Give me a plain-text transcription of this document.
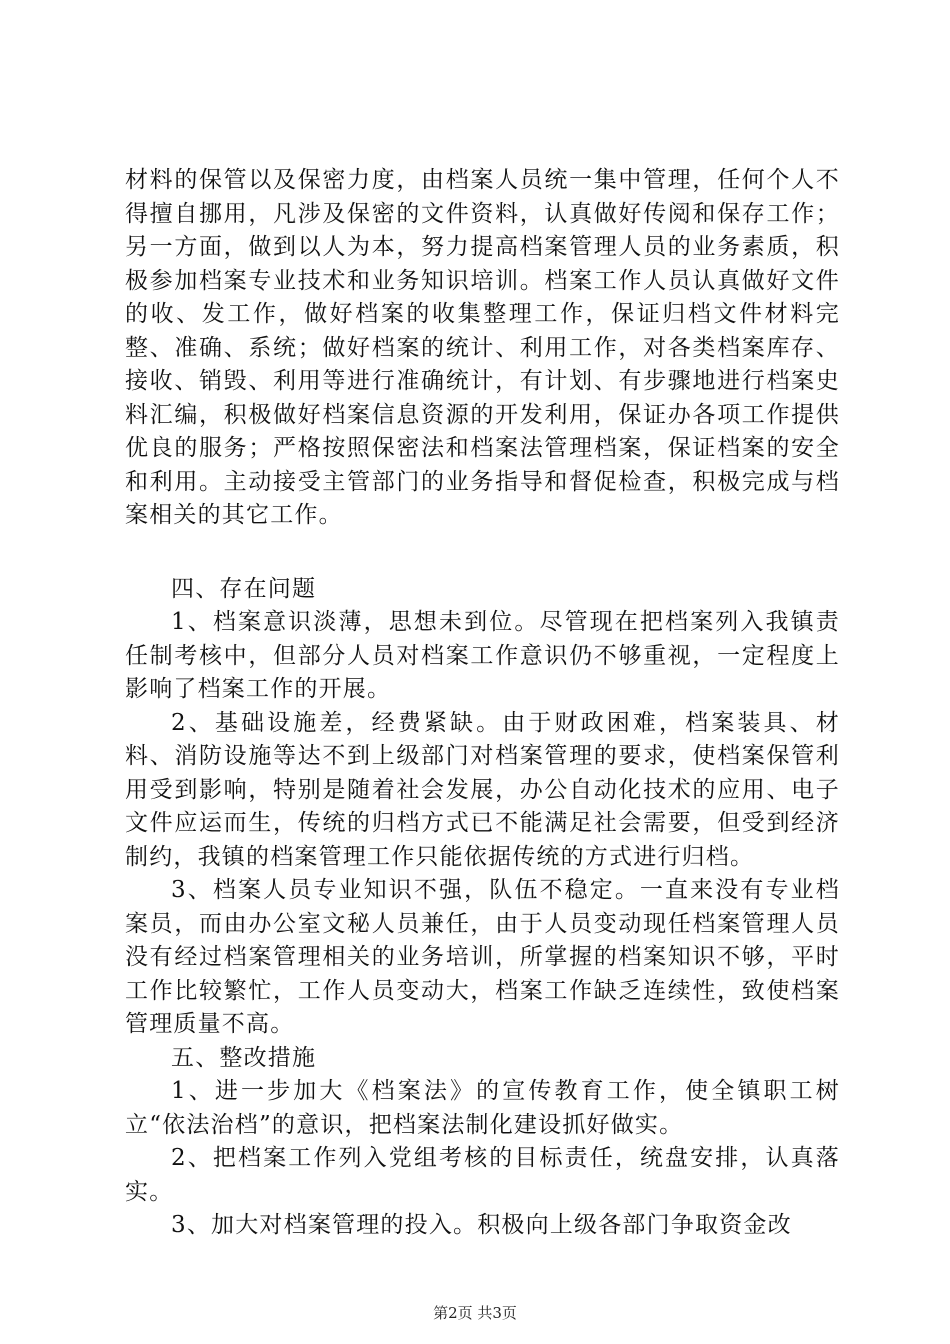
材料的保管以及保密力度，由档案人员统一集中管理，任何个人不得擅自挪用，凡涉及保密的文件资料，认真做好传阅和保存工作；另一方面，做到以人为本，努力提高档案管理人员的业务素质，积极参加档案专业技术和业务知识培训。档案工作人员认真做好文件的收、发工作，做好档案的收集整理工作，保证归档文件材料完整、准确、系统；做好档案的统计、利用工作，对各类档案库存、接收、销毁、利用等进行准确统计，有计划、有步骤地进行档案史料汇编，积极做好档案信息资源的开发利用，保证办各项工作提供优良的服务；严格按照保密法和档案法管理档案，保证档案的安全和利用。主动接受主管部门的业务指导和督促检查，积极完成与档案相关的其它工作。

四、存在问题

1、档案意识淡薄，思想未到位。尽管现在把档案列入我镇责任制考核中，但部分人员对档案工作意识仍不够重视，一定程度上影响了档案工作的开展。

2、基础设施差，经费紧缺。由于财政困难，档案装具、材料、消防设施等达不到上级部门对档案管理的要求，使档案保管利用受到影响，特别是随着社会发展，办公自动化技术的应用、电子文件应运而生，传统的归档方式已不能满足社会需要，但受到经济制约，我镇的档案管理工作只能依据传统的方式进行归档。

3、档案人员专业知识不强，队伍不稳定。一直来没有专业档案员，而由办公室文秘人员兼任，由于人员变动现任档案管理人员没有经过档案管理相关的业务培训，所掌握的档案知识不够，平时工作比较繁忙，工作人员变动大，档案工作缺乏连续性，致使档案管理质量不高。

五、整改措施

1、进一步加大《档案法》的宣传教育工作，使全镇职工树立“依法治档”的意识，把档案法制化建设抓好做实。

2、把档案工作列入党组考核的目标责任，统盘安排，认真落实。

3、加大对档案管理的投入。积极向上级各部门争取资金改

第2页 共3页
